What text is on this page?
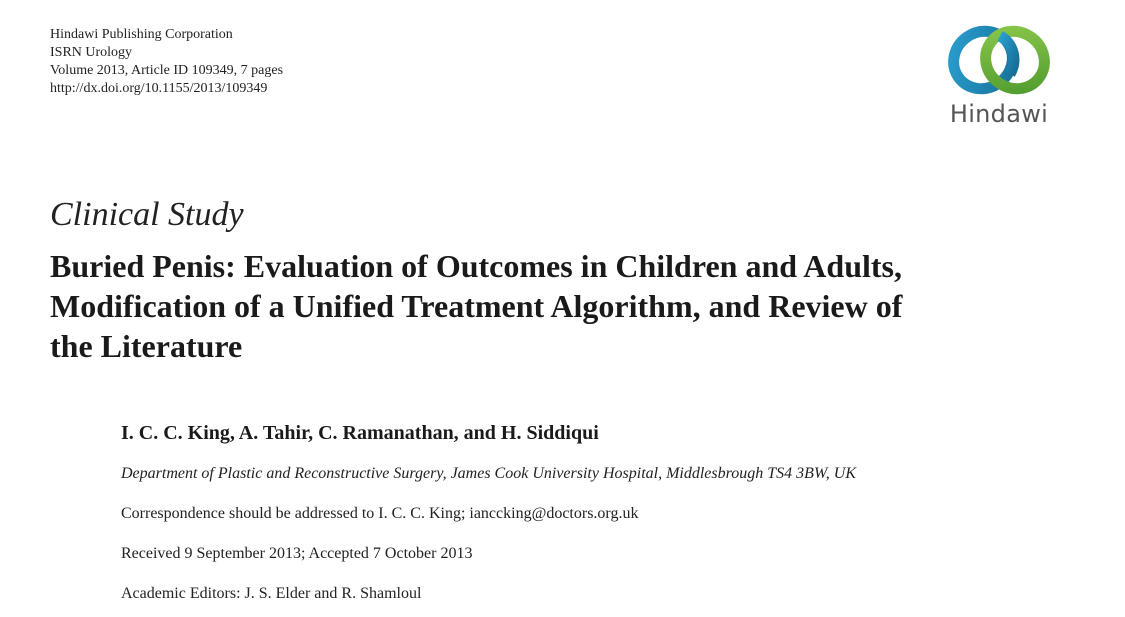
Hindawi Publishing Corporation
ISRN Urology
Volume 2013, Article ID 109349, 7 pages
http://dx.doi.org/10.1155/2013/109349
Hindawi
Clinical Study
Buried Penis: Evaluation of Outcomes in Children and Adults,
Modification of a Unified Treatment Algorithm, and Review of
the Literature
I. C. C. King, A. Tahir, C. Ramanathan, and H. Siddiqui
Department of Plastic and Reconstructive Surgery, James Cook University Hospital, Middlesbrough TS4 3BW, UK
Correspondence should be addressed to I. C. C. King; ianccking@doctors.org.uk
Received 9 September 2013; Accepted 7 October 2013
Academic Editors: J. S. Elder and R. Shamloul
